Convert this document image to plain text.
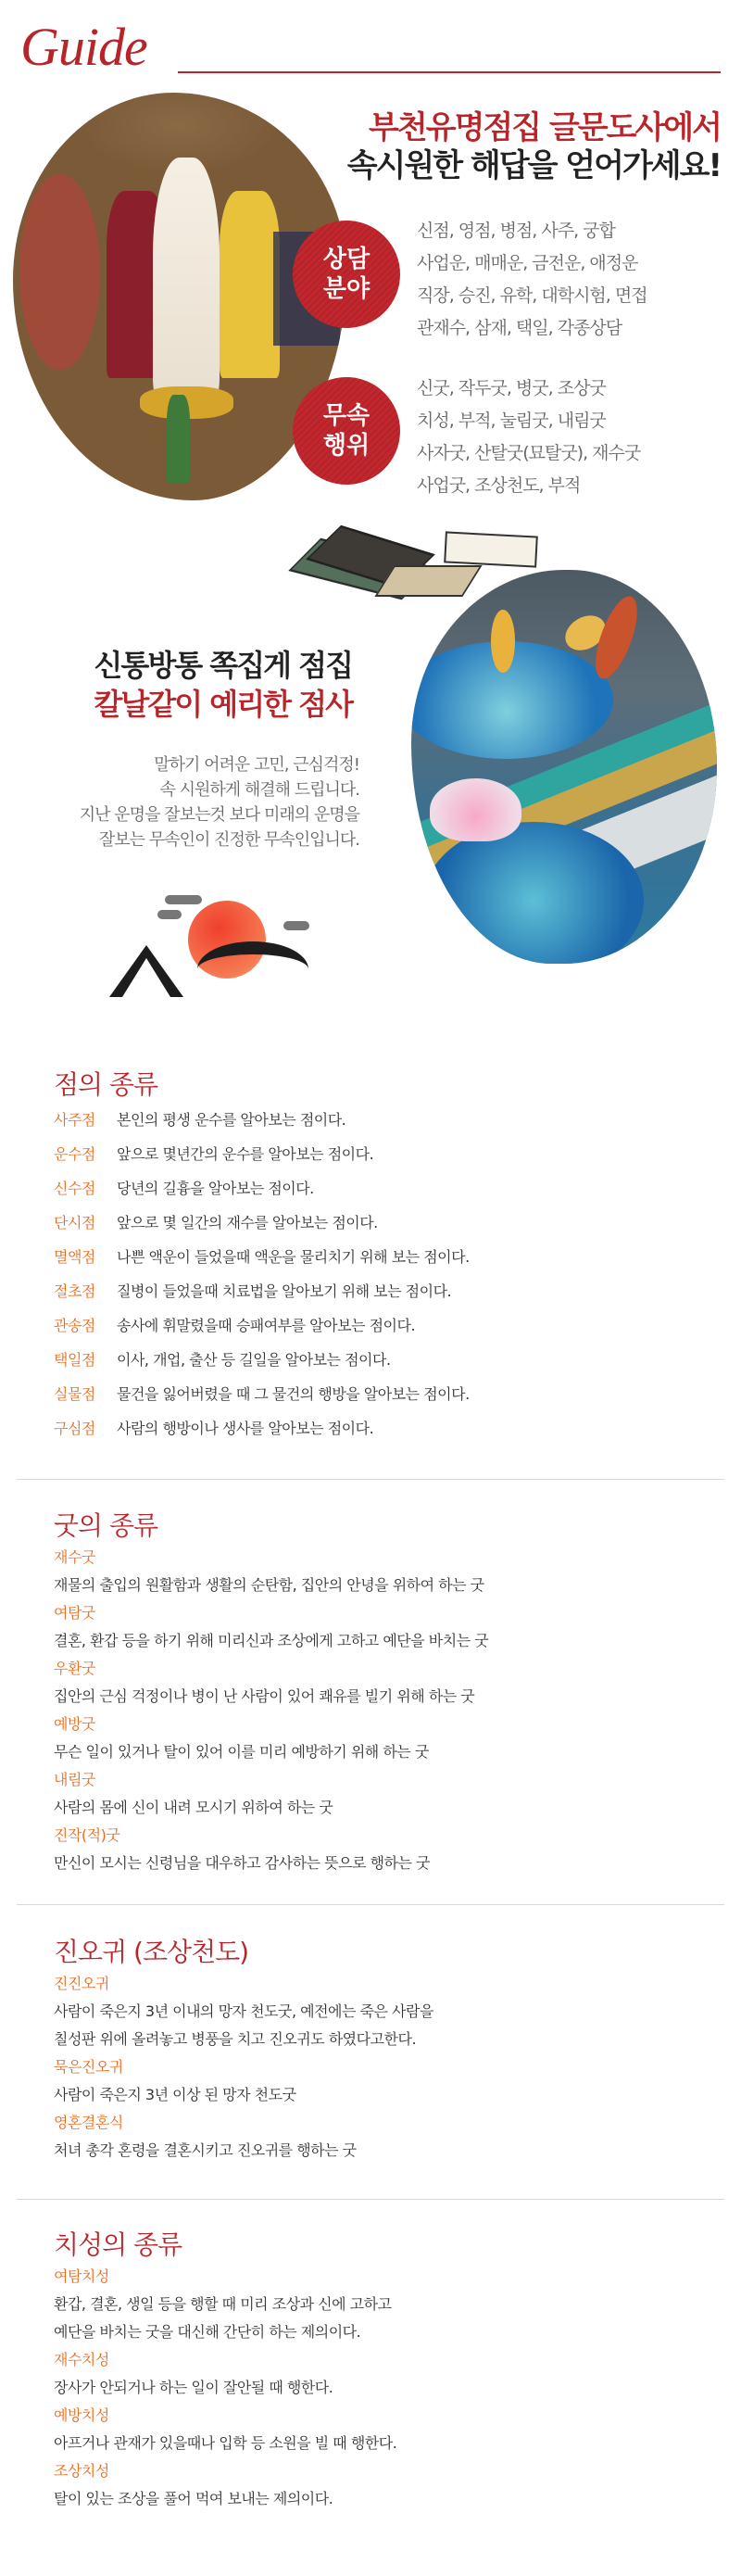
Guide
부천유명점집 글문도사에서
속시원한 해답을 얻어가세요!
상담
분야
신점, 영점, 병점, 사주, 궁합
사업운, 매매운, 금전운, 애정운
직장, 승진, 유학, 대학시험, 면접
관재수, 삼재, 택일, 각종상담
무속
행위
신굿, 작두굿, 병굿, 조상굿
치성, 부적, 눌림굿, 내림굿
사자굿, 산탈굿(묘탈굿), 재수굿
사업굿, 조상천도, 부적
신통방통 쪽집게 점집
칼날같이 예리한 점사
말하기 어려운 고민, 근심걱정!
속 시원하게 해결해 드립니다.
지난 운명을 잘보는것 보다 미래의 운명을
잘보는 무속인이 진정한 무속인입니다.
점의 종류
사주점	본인의 평생 운수를 알아보는 점이다.
운수점	앞으로 몇년간의 운수를 알아보는 점이다.
신수점	당년의 길흉을 알아보는 점이다.
단시점	앞으로 몇 일간의 재수를 알아보는 점이다.
멸액점	나쁜 액운이 들었을때 액운을 물리치기 위해 보는 점이다.
절초점	질병이 들었을때 치료법을 알아보기 위해 보는 점이다.
관송점	송사에 휘말렸을때 승패여부를 알아보는 점이다.
택일점	이사, 개업, 출산 등 길일을 알아보는 점이다.
실물점	물건을 잃어버렸을 때 그 물건의 행방을 알아보는 점이다.
구심점	사람의 행방이나 생사를 알아보는 점이다.
굿의 종류
재수굿
재물의 출입의 원활함과 생활의 순탄함, 집안의 안녕을 위하여 하는 굿
여탐굿
결혼, 환갑 등을 하기 위해 미리신과 조상에게 고하고 예단을 바치는 굿
우환굿
집안의 근심 걱정이나 병이 난 사람이 있어 쾌유를 빌기 위해 하는 굿
예방굿
무슨 일이 있거나 탈이 있어 이를 미리 예방하기 위해 하는 굿
내림굿
사람의 몸에 신이 내려 모시기 위하여 하는 굿
진작(적)굿
만신이 모시는 신령님을 대우하고 감사하는 뜻으로 행하는 굿
진오귀 (조상천도)
진진오귀
사람이 죽은지 3년 이내의 망자 천도굿, 예전에는 죽은 사람을
칠성판 위에 올려놓고 병풍을 치고 진오귀도 하였다고한다.
묵은진오귀
사람이 죽은지 3년 이상 된 망자 천도굿
영혼결혼식
처녀 총각 혼령을 결혼시키고 진오귀를 행하는 굿
치성의 종류
여탐치성
환갑, 결혼, 생일 등을 행할 때 미리 조상과 신에 고하고
예단을 바치는 굿을 대신해 간단히 하는 제의이다.
재수치성
장사가 안되거나 하는 일이 잘안될 때 행한다.
예방치성
아프거나 관재가 있을때나 입학 등 소원을 빌 때 행한다.
조상치성
탈이 있는 조상을 풀어 먹여 보내는 제의이다.
